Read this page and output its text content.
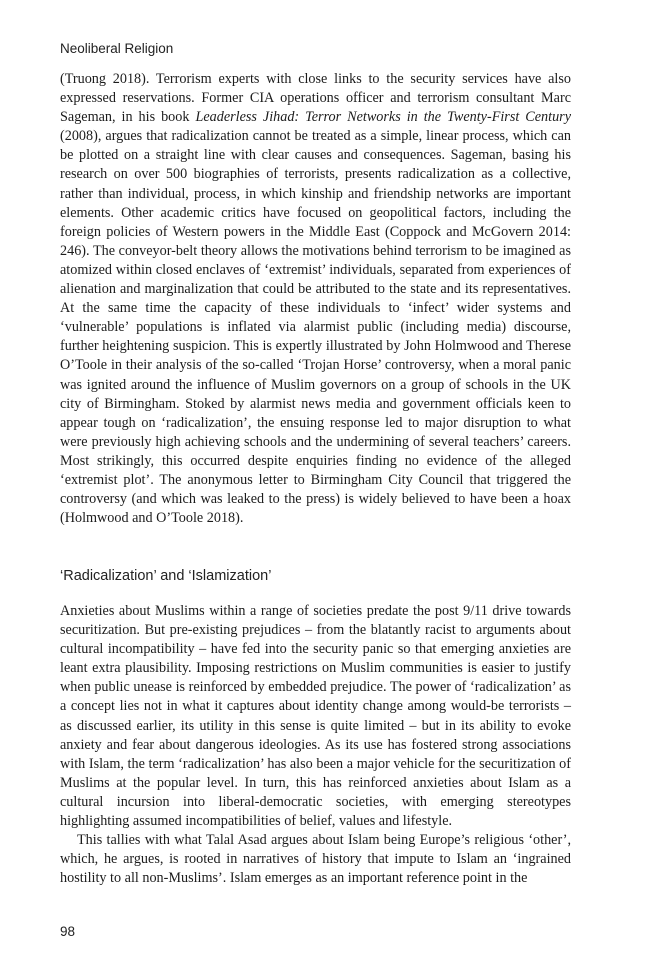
Neoliberal Religion

(Truong 2018). Terrorism experts with close links to the security services have also expressed reservations. Former CIA operations officer and terrorism consultant Marc Sageman, in his book Leaderless Jihad: Terror Networks in the Twenty-First Century (2008), argues that radicalization cannot be treated as a simple, linear process, which can be plotted on a straight line with clear causes and consequences. Sageman, basing his research on over 500 biographies of terrorists, presents radicalization as a collective, rather than individual, process, in which kinship and friendship networks are important elements. Other academic critics have focused on geopolitical factors, including the foreign policies of Western powers in the Middle East (Coppock and McGovern 2014: 246). The conveyor-belt theory allows the motivations behind terrorism to be imagined as atomized within closed enclaves of ‘extremist’ individuals, separated from experiences of alienation and marginalization that could be attributed to the state and its representatives. At the same time the capacity of these individuals to ‘infect’ wider systems and ‘vulnerable’ populations is inflated via alarmist public (including media) discourse, further heightening suspicion. This is expertly illustrated by John Holmwood and Therese O’Toole in their analysis of the so-called ‘Trojan Horse’ controversy, when a moral panic was ignited around the influence of Muslim governors on a group of schools in the UK city of Birmingham. Stoked by alarmist news media and government officials keen to appear tough on ‘radicalization’, the ensuing response led to major disruption to what were previously high achieving schools and the undermining of several teachers’ careers. Most strikingly, this occurred despite enquiries finding no evidence of the alleged ‘extremist plot’. The anonymous letter to Birmingham City Council that triggered the controversy (and which was leaked to the press) is widely believed to have been a hoax (Holmwood and O’Toole 2018).

‘Radicalization’ and ‘Islamization’

Anxieties about Muslims within a range of societies predate the post 9/11 drive towards securitization. But pre-existing prejudices – from the blatantly racist to arguments about cultural incompatibility – have fed into the security panic so that emerging anxieties are leant extra plausibility. Imposing restrictions on Muslim communities is easier to justify when public unease is reinforced by embedded prejudice. The power of ‘radicalization’ as a concept lies not in what it captures about identity change among would-be terrorists – as discussed earlier, its utility in this sense is quite limited – but in its ability to evoke anxiety and fear about dangerous ideologies. As its use has fostered strong associations with Islam, the term ‘radicalization’ has also been a major vehicle for the securitization of Muslims at the popular level. In turn, this has reinforced anxieties about Islam as a cultural incursion into liberal-democratic societies, with emerging stereotypes highlighting assumed incompatibilities of belief, values and lifestyle.

This tallies with what Talal Asad argues about Islam being Europe’s religious ‘other’, which, he argues, is rooted in narratives of history that impute to Islam an ‘ingrained hostility to all non-Muslims’. Islam emerges as an important reference point in the

98
